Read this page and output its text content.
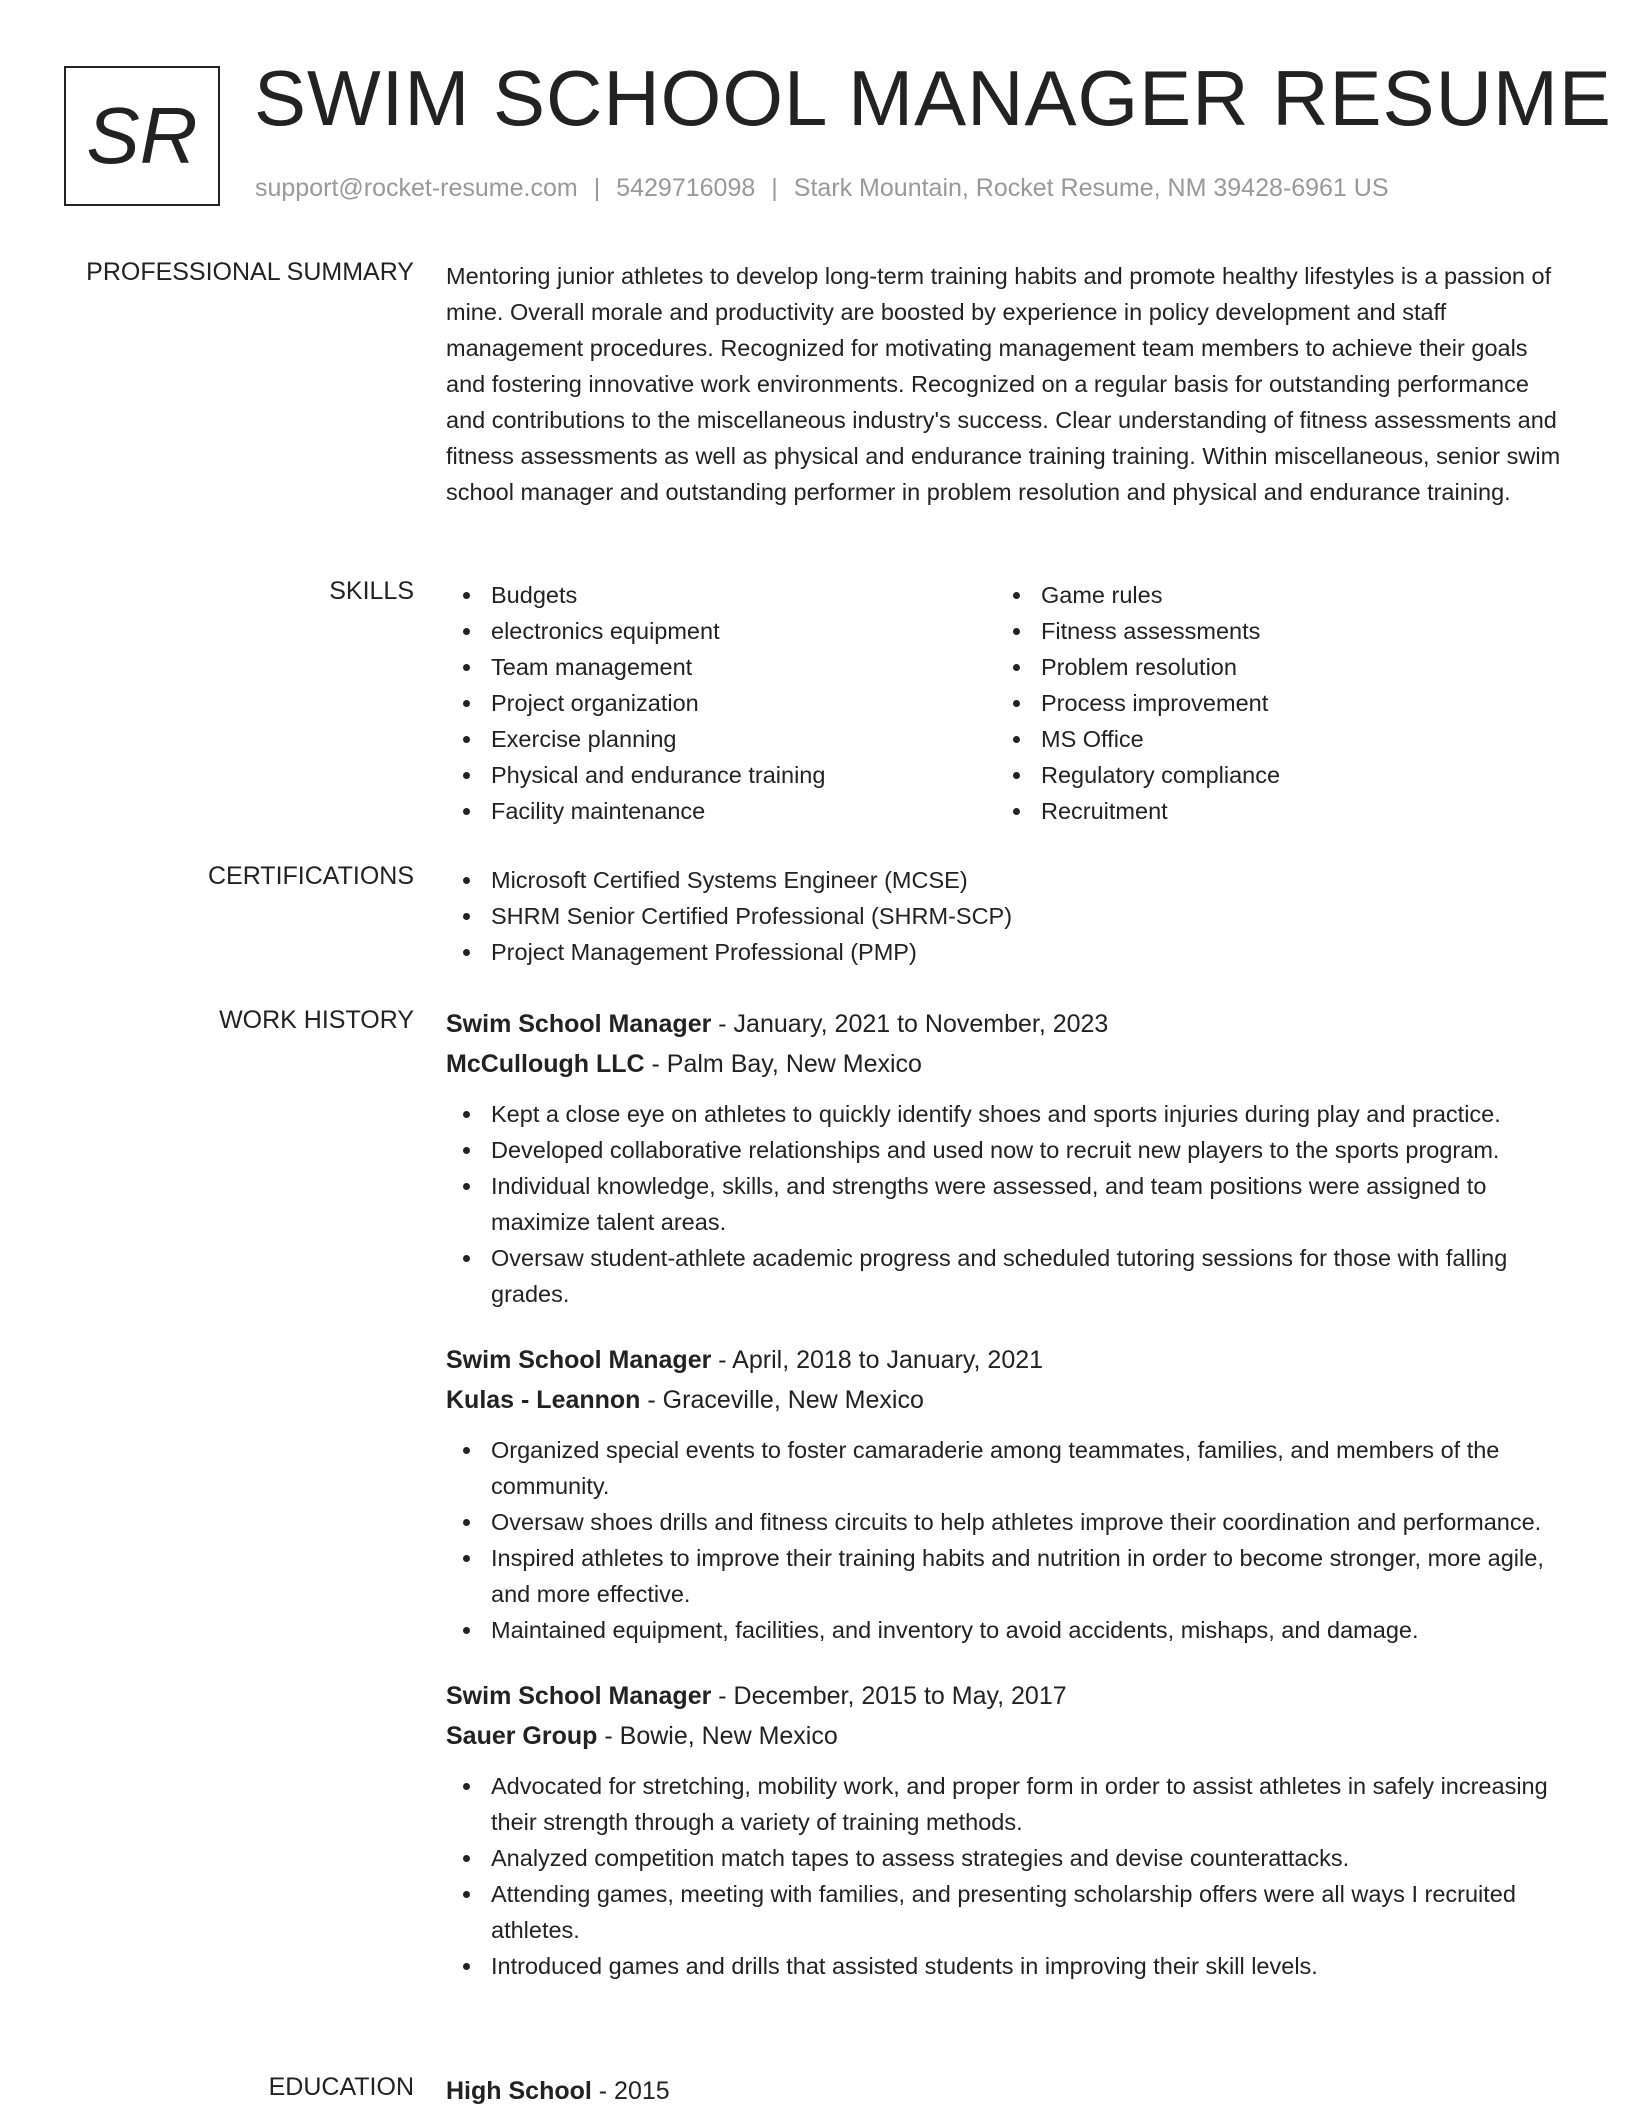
SR SWIM SCHOOL MANAGER RESUME
support@rocket-resume.com | 5429716098 | Stark Mountain, Rocket Resume, NM 39428-6961 US
PROFESSIONAL SUMMARY Mentoring junior athletes to develop long-term training habits and promote healthy lifestyles is a passion of mine. Overall morale and productivity are boosted by experience in policy development and staff management procedures. Recognized for motivating management team members to achieve their goals and fostering innovative work environments. Recognized on a regular basis for outstanding performance and contributions to the miscellaneous industry's success. Clear understanding of fitness assessments and fitness assessments as well as physical and endurance training training. Within miscellaneous, senior swim school manager and outstanding performer in problem resolution and physical and endurance training.
SKILLS	Budgets
electronics equipment
Team management
Project organization
Exercise planning
Physical and endurance training
Facility maintenance
Game rules
Fitness assessments
Problem resolution
Process improvement
MS Office
Regulatory compliance
Recruitment
CERTIFICATIONS	Microsoft Certified Systems Engineer (MCSE)
SHRM Senior Certified Professional (SHRM-SCP)
Project Management Professional (PMP)
WORK HISTORY Swim School Manager - January, 2021 to November, 2023
McCullough LLC - Palm Bay, New Mexico
Kept a close eye on athletes to quickly identify shoes and sports injuries during play and practice.
Developed collaborative relationships and used now to recruit new players to the sports program.
Individual knowledge, skills, and strengths were assessed, and team positions were assigned to maximize talent areas.
Oversaw student-athlete academic progress and scheduled tutoring sessions for those with falling grades.
Swim School Manager - April, 2018 to January, 2021
Kulas - Leannon - Graceville, New Mexico
Organized special events to foster camaraderie among teammates, families, and members of the community.
Oversaw shoes drills and fitness circuits to help athletes improve their coordination and performance.
Inspired athletes to improve their training habits and nutrition in order to become stronger, more agile, and more effective.
Maintained equipment, facilities, and inventory to avoid accidents, mishaps, and damage.
Swim School Manager - December, 2015 to May, 2017
Sauer Group - Bowie, New Mexico
Advocated for stretching, mobility work, and proper form in order to assist athletes in safely increasing their strength through a variety of training methods.
Analyzed competition match tapes to assess strategies and devise counterattacks.
Attending games, meeting with families, and presenting scholarship offers were all ways I recruited athletes.
Introduced games and drills that assisted students in improving their skill levels.
EDUCATION High School - 2015
